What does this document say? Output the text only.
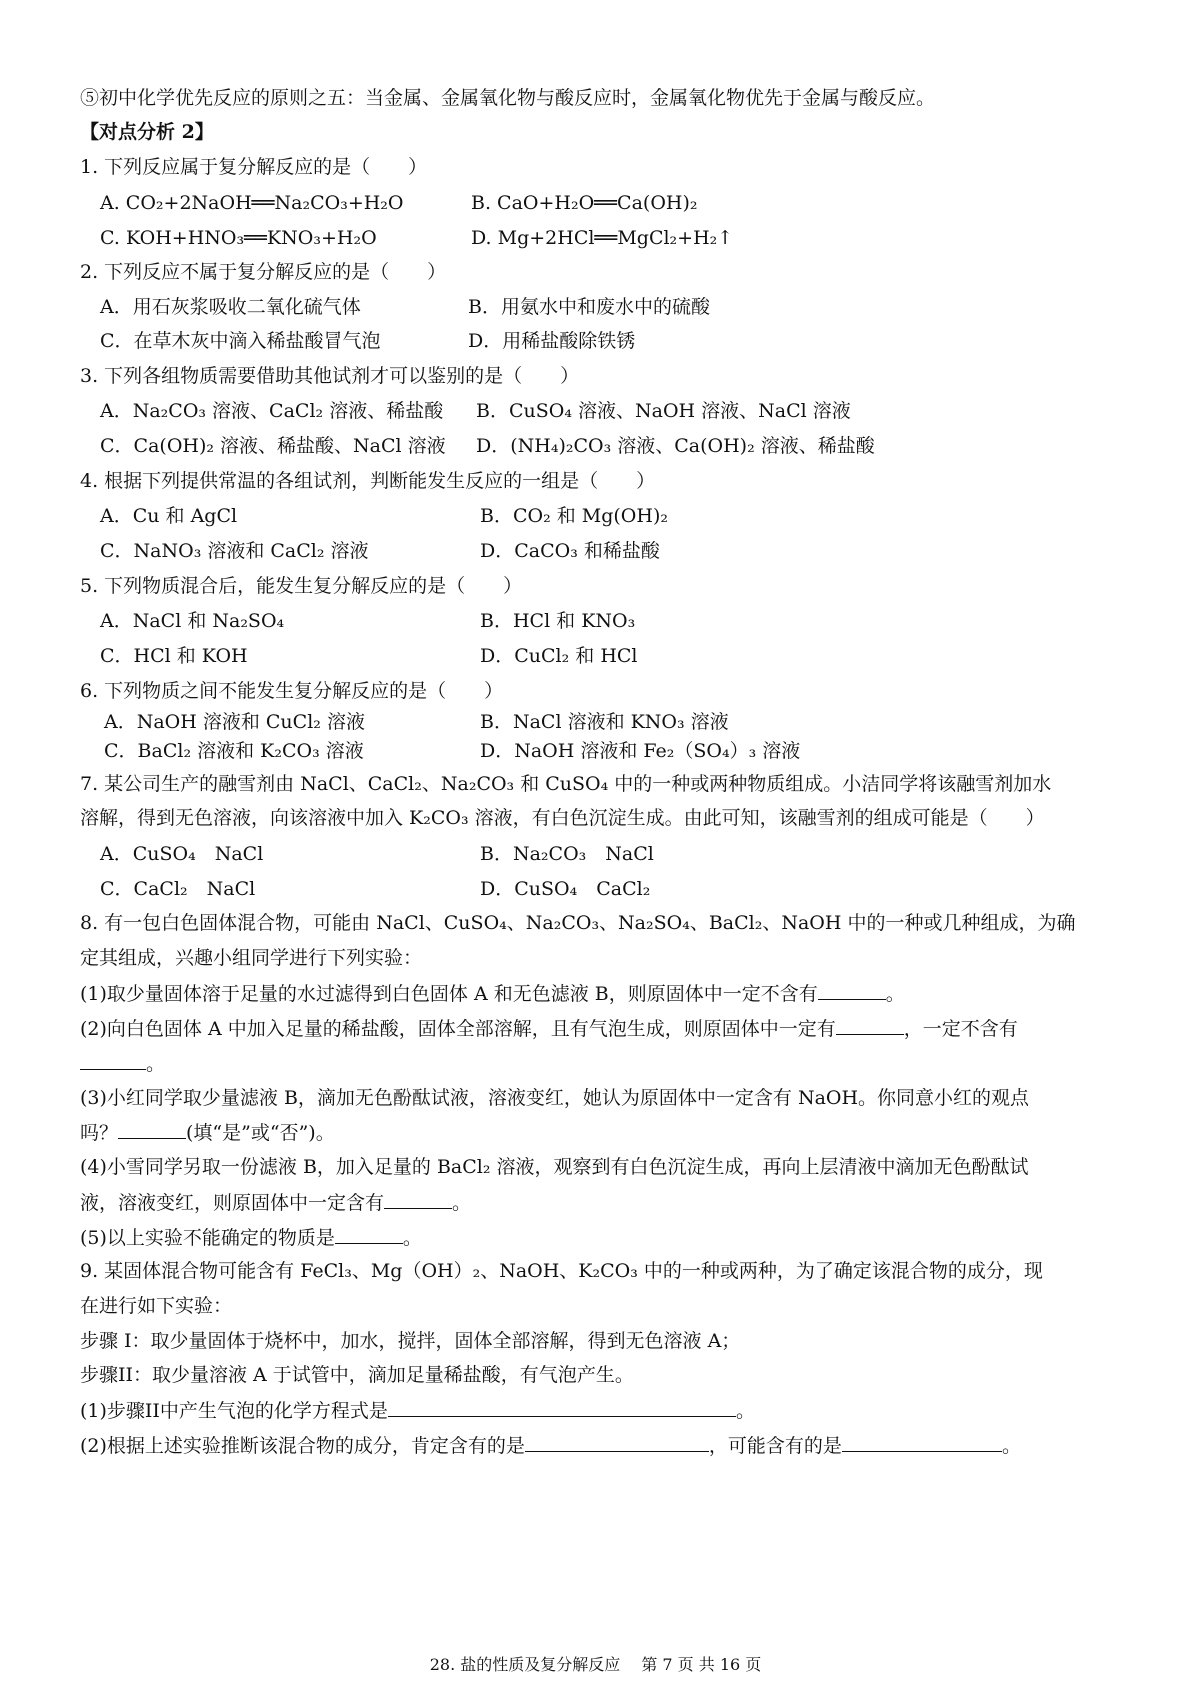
⑤初中化学优先反应的原则之五：当金属、金属氧化物与酸反应时，金属氧化物优先于金属与酸反应。
【对点分析 2】
1. 下列反应属于复分解反应的是（　　）
A. CO₂+2NaOH══Na₂CO₃+H₂O	B. CaO+H₂O══Ca(OH)₂
C. KOH+HNO₃══KNO₃+H₂O	D. Mg+2HCl══MgCl₂+H₂↑
2. 下列反应不属于复分解反应的是（　　）
A．用石灰浆吸收二氧化硫气体	B．用氨水中和废水中的硫酸
C．在草木灰中滴入稀盐酸冒气泡	D．用稀盐酸除铁锈
3. 下列各组物质需要借助其他试剂才可以鉴别的是（　　）
A．Na₂CO₃ 溶液、CaCl₂ 溶液、稀盐酸 B．CuSO₄ 溶液、NaOH 溶液、NaCl 溶液
C．Ca(OH)₂ 溶液、稀盐酸、NaCl 溶液 D．(NH₄)₂CO₃ 溶液、Ca(OH)₂ 溶液、稀盐酸
4. 根据下列提供常温的各组试剂，判断能发生反应的一组是（　　）
A．Cu 和 AgCl	B．CO₂ 和 Mg(OH)₂
C．NaNO₃ 溶液和 CaCl₂ 溶液	D．CaCO₃ 和稀盐酸
5. 下列物质混合后，能发生复分解反应的是（　　）
A．NaCl 和 Na₂SO₄	B．HCl 和 KNO₃
C．HCl 和 KOH	D．CuCl₂ 和 HCl
6. 下列物质之间不能发生复分解反应的是（　　）
A．NaOH 溶液和 CuCl₂ 溶液	B．NaCl 溶液和 KNO₃ 溶液
C．BaCl₂ 溶液和 K₂CO₃ 溶液	D．NaOH 溶液和 Fe₂（SO₄）₃ 溶液
7. 某公司生产的融雪剂由 NaCl、CaCl₂、Na₂CO₃ 和 CuSO₄ 中的一种或两种物质组成。小洁同学将该融雪剂加水
溶解，得到无色溶液，向该溶液中加入 K₂CO₃ 溶液，有白色沉淀生成。由此可知，该融雪剂的组成可能是（　　）
A．CuSO₄　NaCl	B．Na₂CO₃　NaCl
C．CaCl₂　NaCl	D．CuSO₄　CaCl₂
8. 有一包白色固体混合物，可能由 NaCl、CuSO₄、Na₂CO₃、Na₂SO₄、BaCl₂、NaOH 中的一种或几种组成，为确
定其组成，兴趣小组同学进行下列实验：
(1)取少量固体溶于足量的水过滤得到白色固体 A 和无色滤液 B，则原固体中一定不含有	。
(2)向白色固体 A 中加入足量的稀盐酸，固体全部溶解，且有气泡生成，则原固体中一定有	，一定不含有
。
(3)小红同学取少量滤液 B，滴加无色酚酞试液，溶液变红，她认为原固体中一定含有 NaOH。你同意小红的观点
吗？	(填“是”或“否”)。
(4)小雪同学另取一份滤液 B，加入足量的 BaCl₂ 溶液，观察到有白色沉淀生成，再向上层清液中滴加无色酚酞试
液，溶液变红，则原固体中一定含有	。
(5)以上实验不能确定的物质是	。
9. 某固体混合物可能含有 FeCl₃、Mg（OH）₂、NaOH、K₂CO₃ 中的一种或两种，为了确定该混合物的成分，现
在进行如下实验：
步骤 I：取少量固体于烧杯中，加水，搅拌，固体全部溶解，得到无色溶液 A；
步骤II：取少量溶液 A 于试管中，滴加足量稀盐酸，有气泡产生。
(1)步骤II中产生气泡的化学方程式是	。
(2)根据上述实验推断该混合物的成分，肯定含有的是	，可能含有的是	。
28. 盐的性质及复分解反应　 第 7 页 共 16 页
